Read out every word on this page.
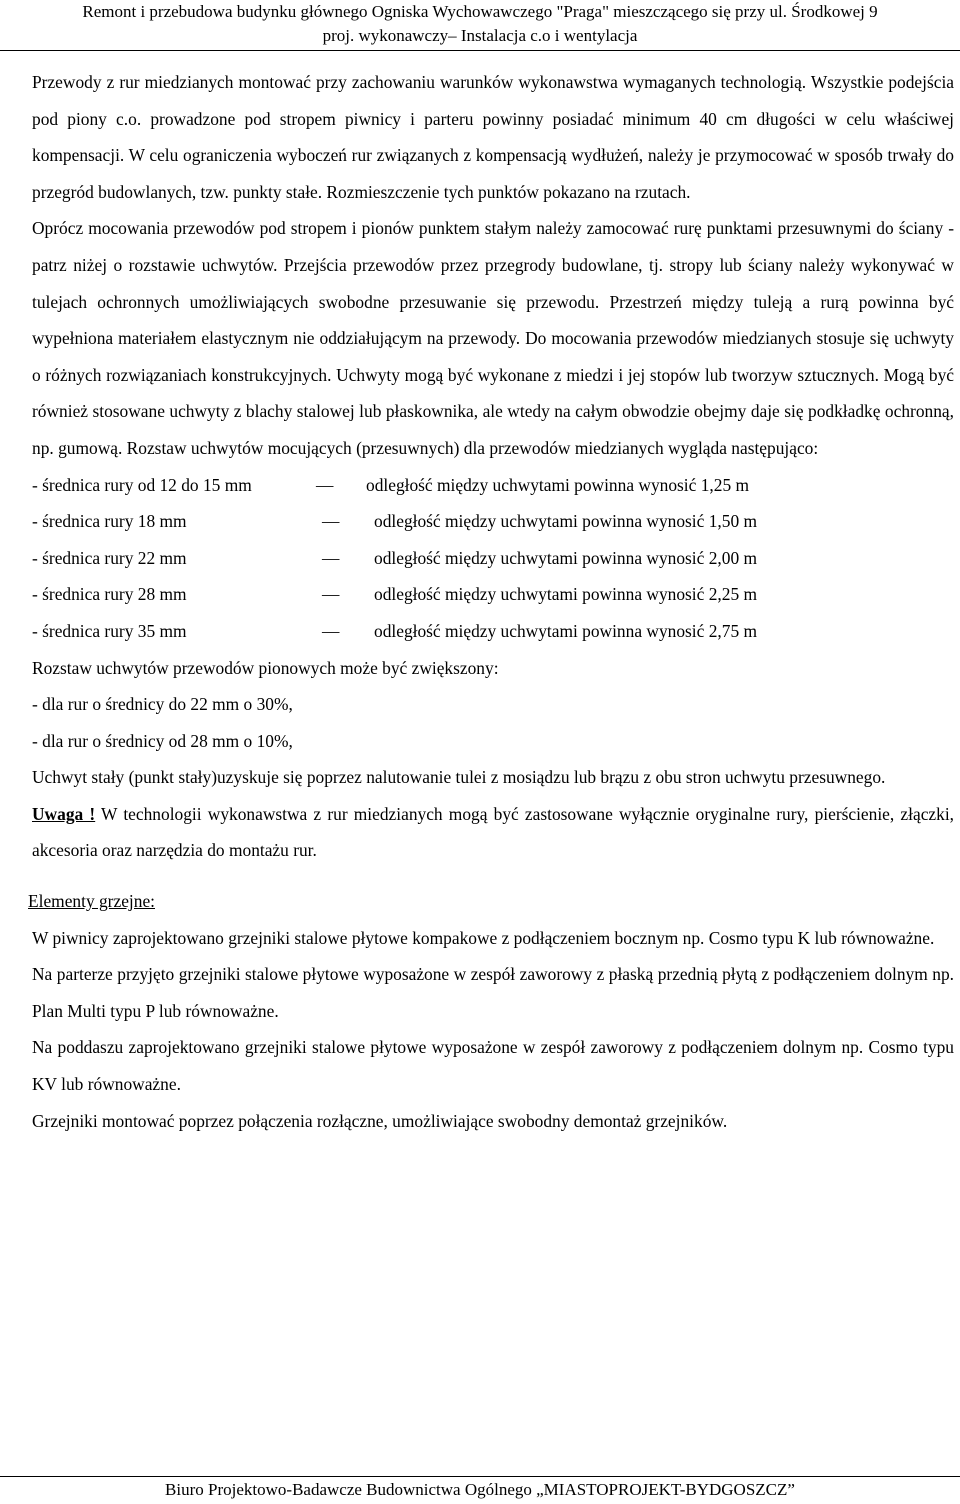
Remont i przebudowa budynku głównego Ogniska Wychowawczego "Praga" mieszczącego się przy ul. Środkowej 9
proj. wykonawczy– Instalacja c.o i wentylacja

Przewody z rur miedzianych montować przy zachowaniu warunków wykonawstwa wymaganych technologią. Wszystkie podejścia pod piony c.o. prowadzone pod stropem piwnicy i parteru powinny posiadać minimum 40 cm długości w celu właściwej kompensacji. W celu ograniczenia wyboczeń rur związanych z kompensacją wydłużeń, należy je przymocować w sposób trwały do przegród budowlanych, tzw. punkty stałe. Rozmieszczenie tych punktów pokazano na rzutach.

Oprócz mocowania przewodów pod stropem i pionów punktem stałym należy zamocować rurę punktami przesuwnymi do ściany - patrz niżej o rozstawie uchwytów. Przejścia przewodów przez przegrody budowlane, tj. stropy lub ściany należy wykonywać w tulejach ochronnych umożliwiających swobodne przesuwanie się przewodu. Przestrzeń między tuleją a rurą powinna być wypełniona materiałem elastycznym nie oddziałującym na przewody. Do mocowania przewodów miedzianych stosuje się uchwyty o różnych rozwiązaniach konstrukcyjnych. Uchwyty mogą być wykonane z miedzi i jej stopów lub tworzyw sztucznych. Mogą być również stosowane uchwyty z blachy stalowej lub płaskownika, ale wtedy na całym obwodzie obejmy daje się podkładkę ochronną, np. gumową. Rozstaw uchwytów mocujących (przesuwnych) dla przewodów miedzianych wygląda następująco:

- średnica rury od 12 do 15 mm	—	odległość między uchwytami powinna wynosić 1,25 m
- średnica rury 18 mm	—	odległość między uchwytami powinna wynosić 1,50 m
- średnica rury 22 mm	—	odległość między uchwytami powinna wynosić 2,00 m
- średnica rury 28 mm	—	odległość między uchwytami powinna wynosić 2,25 m
- średnica rury 35 mm	—	odległość między uchwytami powinna wynosić 2,75 m

Rozstaw uchwytów przewodów pionowych może być zwiększony:

- dla rur o średnicy do 22 mm o 30%,

- dla rur o średnicy od 28 mm o 10%,

Uchwyt stały (punkt stały)uzyskuje się poprzez nalutowanie tulei z mosiądzu lub brązu z obu stron uchwytu przesuwnego.

Uwaga ! W technologii wykonawstwa z rur miedzianych mogą być zastosowane wyłącznie oryginalne rury, pierścienie, złączki, akcesoria oraz narzędzia do montażu rur.

Elementy grzejne:

W piwnicy zaprojektowano grzejniki stalowe płytowe kompakowe z podłączeniem bocznym np. Cosmo typu K lub równoważne.

Na parterze przyjęto grzejniki stalowe płytowe wyposażone w zespół zaworowy z płaską przednią płytą z podłączeniem dolnym np. Plan Multi typu P lub równoważne.

Na poddaszu zaprojektowano grzejniki stalowe płytowe wyposażone w zespół zaworowy z podłączeniem dolnym np. Cosmo typu KV lub równoważne.

Grzejniki montować poprzez połączenia rozłączne, umożliwiające swobodny demontaż grzejników.

Biuro Projektowo-Badawcze Budownictwa Ogólnego „MIASTOPROJEKT-BYDGOSZCZ”
